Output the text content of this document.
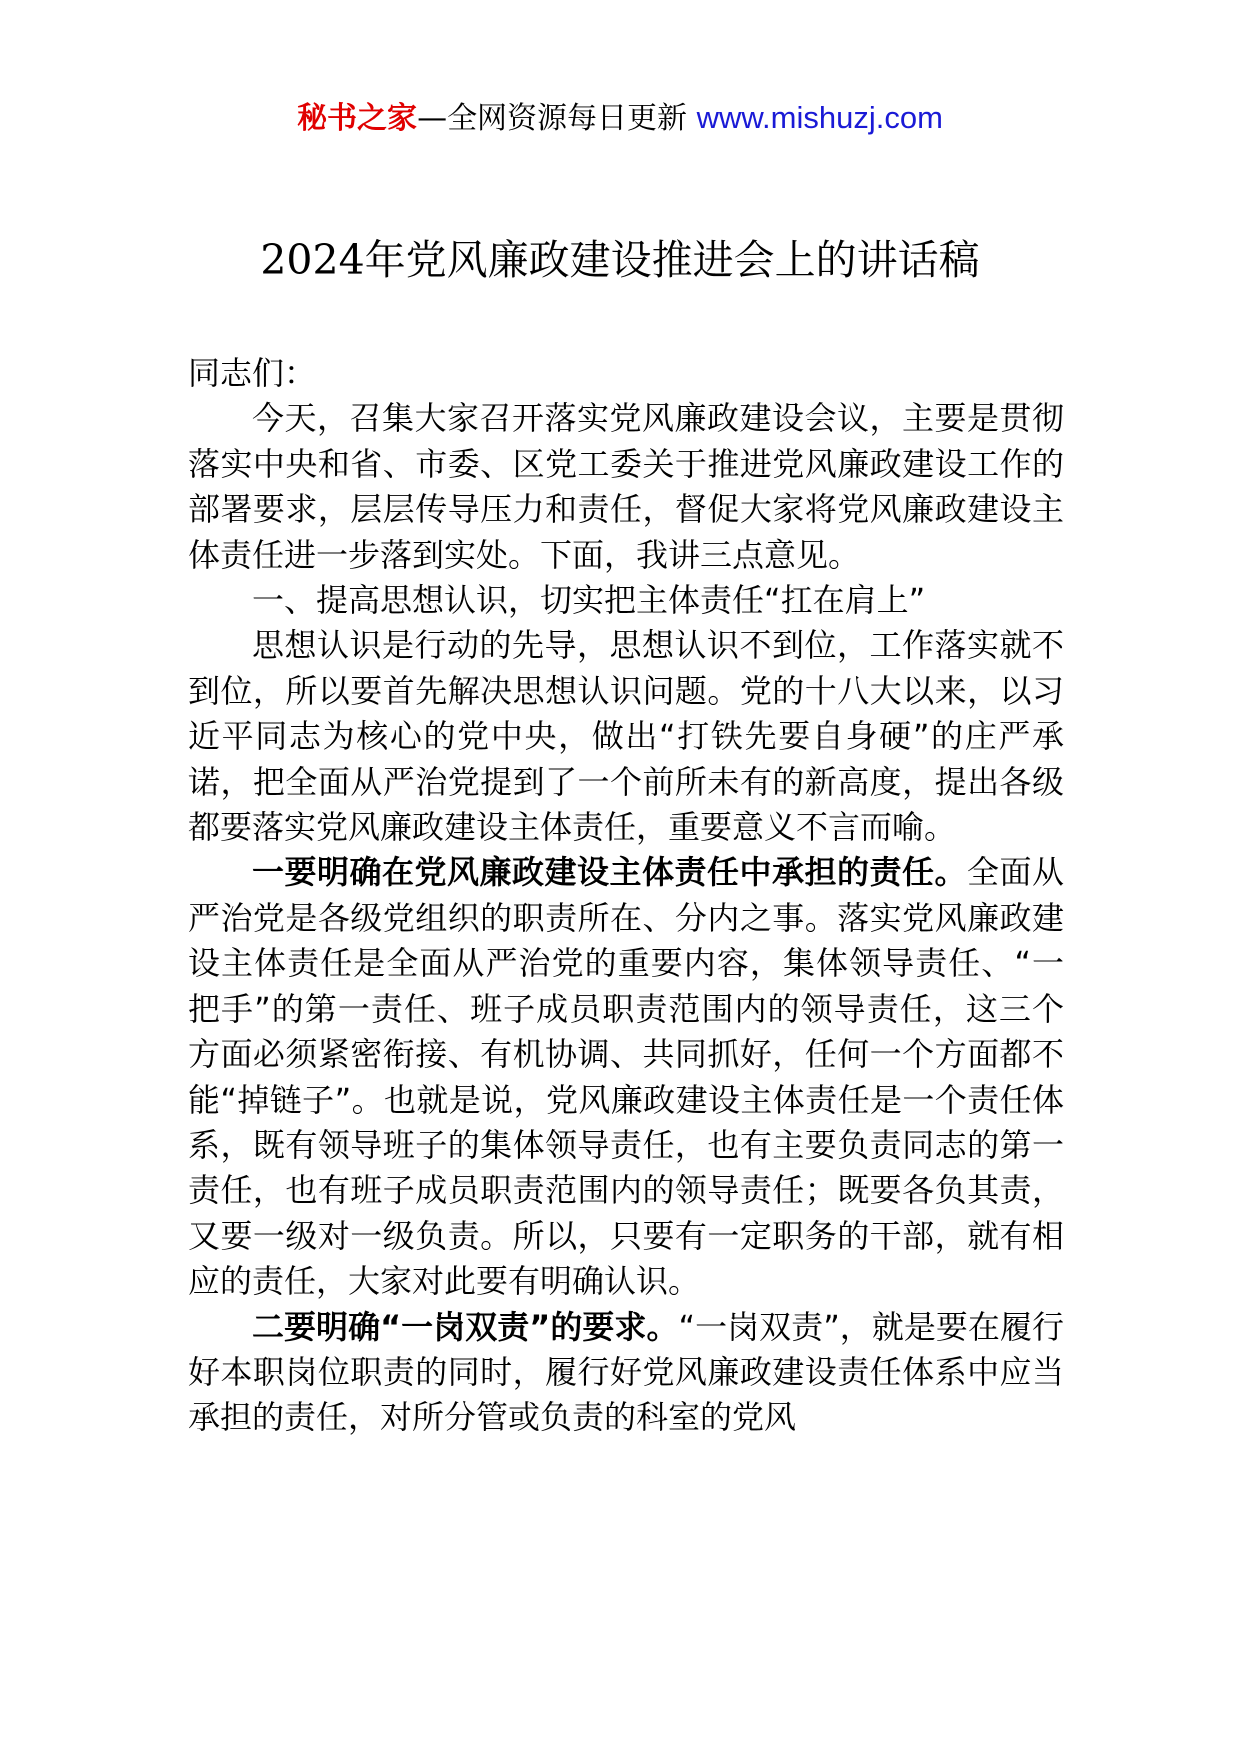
秘书之家—全网资源每日更新 www.mishuzj.com
2024年党风廉政建设推进会上的讲话稿

同志们：

今天，召集大家召开落实党风廉政建设会议，主要是贯彻落实中央和省、市委、区党工委关于推进党风廉政建设工作的部署要求，层层传导压力和责任，督促大家将党风廉政建设主体责任进一步落到实处。下面，我讲三点意见。

一、提高思想认识，切实把主体责任“扛在肩上”

思想认识是行动的先导，思想认识不到位，工作落实就不到位，所以要首先解决思想认识问题。党的十八大以来，以习近平同志为核心的党中央，做出“打铁先要自身硬”的庄严承诺，把全面从严治党提到了一个前所未有的新高度，提出各级都要落实党风廉政建设主体责任，重要意义不言而喻。

一要明确在党风廉政建设主体责任中承担的责任。全面从严治党是各级党组织的职责所在、分内之事。落实党风廉政建设主体责任是全面从严治党的重要内容，集体领导责任、“一把手”的第一责任、班子成员职责范围内的领导责任，这三个方面必须紧密衔接、有机协调、共同抓好，任何一个方面都不能“掉链子”。也就是说，党风廉政建设主体责任是一个责任体系，既有领导班子的集体领导责任，也有主要负责同志的第一责任，也有班子成员职责范围内的领导责任；既要各负其责，又要一级对一级负责。所以，只要有一定职务的干部，就有相应的责任，大家对此要有明确认识。

二要明确“一岗双责”的要求。“一岗双责”，就是要在履行好本职岗位职责的同时，履行好党风廉政建设责任体系中应当承担的责任，对所分管或负责的科室的党风
